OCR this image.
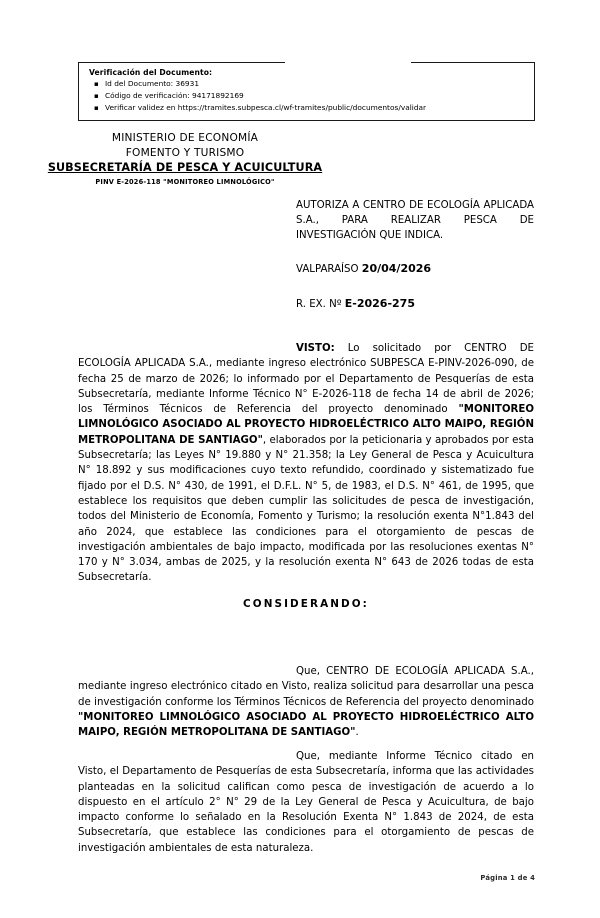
Verificación del Documento:
▪ Id del Documento: 36931
▪ Código de verificación: 94171892169
▪ Verificar validez en https://tramites.subpesca.cl/wf-tramites/public/documentos/validar
MINISTERIO DE ECONOMÍA
FOMENTO Y TURISMO
SUBSECRETARÍA DE PESCA Y ACUICULTURA
PINV E-2026-118 "MONITOREO LIMNOLÓGICO"
AUTORIZA A CENTRO DE ECOLOGÍA APLICADA S.A., PARA REALIZAR PESCA DE INVESTIGACIÓN QUE INDICA.
VALPARAÍSO 20/04/2026
R. EX. Nº E-2026-275

VISTO: Lo solicitado por CENTRO DE ECOLOGÍA APLICADA S.A., mediante ingreso electrónico SUBPESCA E-PINV-2026-090, de fecha 25 de marzo de 2026; lo informado por el Departamento de Pesquerías de esta Subsecretaría, mediante Informe Técnico N° E-2026-118 de fecha 14 de abril de 2026; los Términos Técnicos de Referencia del proyecto denominado "MONITOREO LIMNOLÓGICO ASOCIADO AL PROYECTO HIDROELÉCTRICO ALTO MAIPO, REGIÓN METROPOLITANA DE SANTIAGO", elaborados por la peticionaria y aprobados por esta Subsecretaría; las Leyes N° 19.880 y N° 21.358; la Ley General de Pesca y Acuicultura N° 18.892 y sus modificaciones cuyo texto refundido, coordinado y sistematizado fue fijado por el D.S. N° 430, de 1991, el D.F.L. N° 5, de 1983, el D.S. N° 461, de 1995, que establece los requisitos que deben cumplir las solicitudes de pesca de investigación, todos del Ministerio de Economía, Fomento y Turismo; la resolución exenta N°1.843 del año 2024, que establece las condiciones para el otorgamiento de pescas de investigación ambientales de bajo impacto, modificada por las resoluciones exentas N° 170 y N° 3.034, ambas de 2025, y la resolución exenta N° 643 de 2026 todas de esta Subsecretaría.

CONSIDERANDO:

Que, CENTRO DE ECOLOGÍA APLICADA S.A., mediante ingreso electrónico citado en Visto, realiza solicitud para desarrollar una pesca de investigación conforme los Términos Técnicos de Referencia del proyecto denominado "MONITOREO LIMNOLÓGICO ASOCIADO AL PROYECTO HIDROELÉCTRICO ALTO MAIPO, REGIÓN METROPOLITANA DE SANTIAGO".

Que, mediante Informe Técnico citado en Visto, el Departamento de Pesquerías de esta Subsecretaría, informa que las actividades planteadas en la solicitud califican como pesca de investigación de acuerdo a lo dispuesto en el artículo 2° N° 29 de la Ley General de Pesca y Acuicultura, de bajo impacto conforme lo señalado en la Resolución Exenta N° 1.843 de 2024, de esta Subsecretaría, que establece las condiciones para el otorgamiento de pescas de investigación ambientales de esta naturaleza.

Página 1 de 4
